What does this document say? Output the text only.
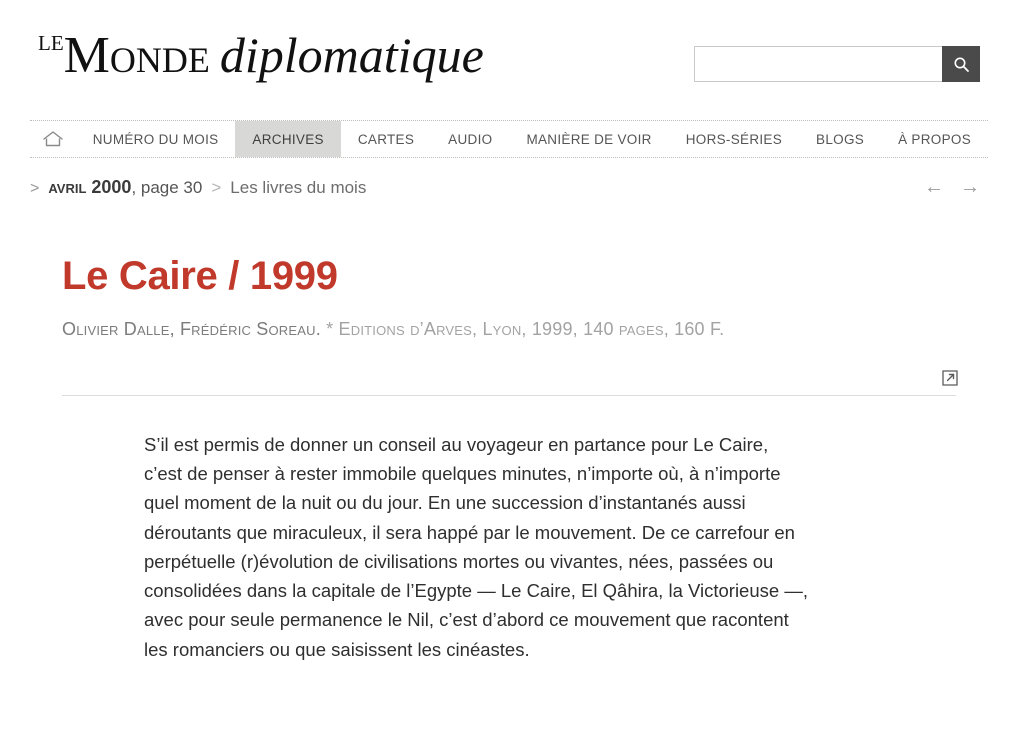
LEMonde diplomatique
NUMÉRO DU MOIS	ARCHIVES	CARTES	AUDIO	MANIÈRE DE VOIR	HORS-SÉRIES	BLOGS	À PROPOS
> avril 2000 , page 30 > Les livres du mois	← →
Le Caire / 1999
Olivier Dalle, Frédéric Soreau. * Editions d’Arves, Lyon, 1999, 140 pages, 160 F.

S’il est permis de donner un conseil au voyageur en partance pour Le Caire, c’est de penser à rester immobile quelques minutes, n’importe où, à n’importe quel moment de la nuit ou du jour. En une succession d’instantanés aussi déroutants que miraculeux, il sera happé par le mouvement. De ce carrefour en perpétuelle (r)évolution de civilisations mortes ou vivantes, nées, passées ou consolidées dans la capitale de l’Egypte — Le Caire, El Qâhira, la Victorieuse —, avec pour seule permanence le Nil, c’est d’abord ce mouvement que racontent les romanciers ou que saisissent les cinéastes.
